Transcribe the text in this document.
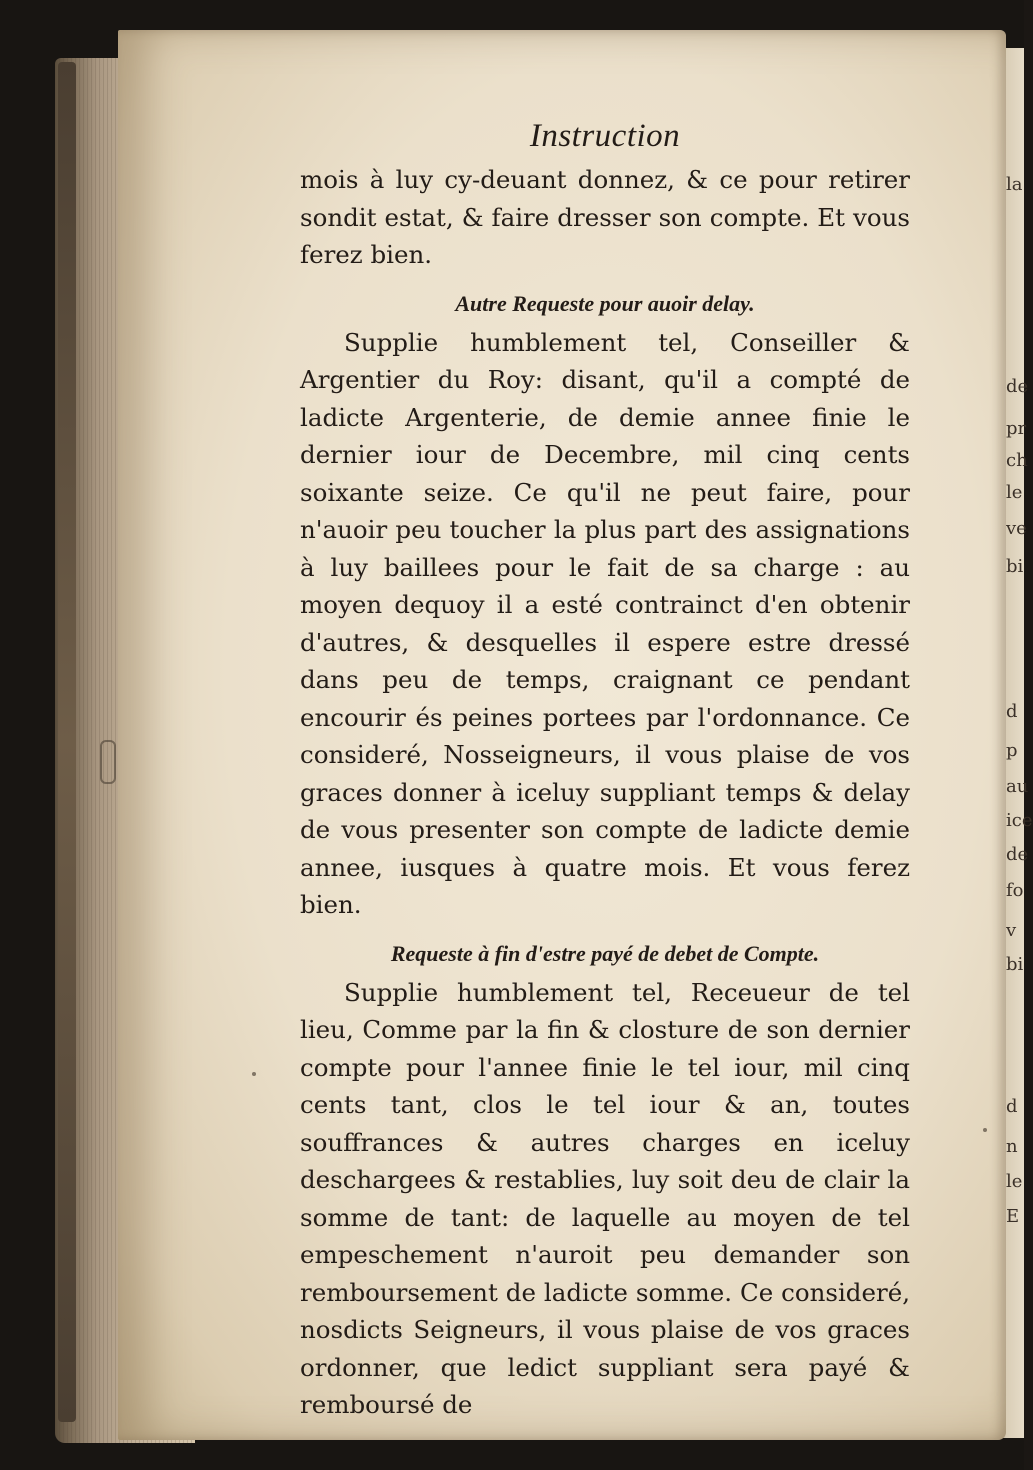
la
de
pr
ch
le
ve
bi
d
p
au
ice
de
fo
v
bi
d
n
le
E
Instruction

mois à luy cy-deuant donnez, & ce pour retirer sondit estat, & faire dresser son compte. Et vous ferez bien.

Autre Requeste pour auoir delay.

Supplie humblement tel, Conseiller & Argentier du Roy: disant, qu'il a compté de ladicte Argenterie, de demie annee finie le dernier iour de Decembre, mil cinq cents soixante seize. Ce qu'il ne peut faire, pour n'auoir peu toucher la plus part des assignations à luy baillees pour le fait de sa charge : au moyen dequoy il a esté contrainct d'en obtenir d'autres, & desquelles il espere estre dressé dans peu de temps, craignant ce pendant encourir és peines portees par l'ordonnance. Ce consideré, Nosseigneurs, il vous plaise de vos graces donner à iceluy suppliant temps & delay de vous presenter son compte de ladicte demie annee, iusques à quatre mois. Et vous ferez bien.

Requeste à fin d'estre payé de debet de Compte.

Supplie humblement tel, Receueur de tel lieu, Comme par la fin & closture de son dernier compte pour l'annee finie le tel iour, mil cinq cents tant, clos le tel iour & an, toutes souffrances & autres charges en iceluy deschargees & restablies, luy soit deu de clair la somme de tant: de laquelle au moyen de tel empeschement n'auroit peu demander son remboursement de ladicte somme. Ce consideré, nosdicts Seigneurs, il vous plaise de vos graces ordonner, que ledict suppliant sera payé & remboursé de
